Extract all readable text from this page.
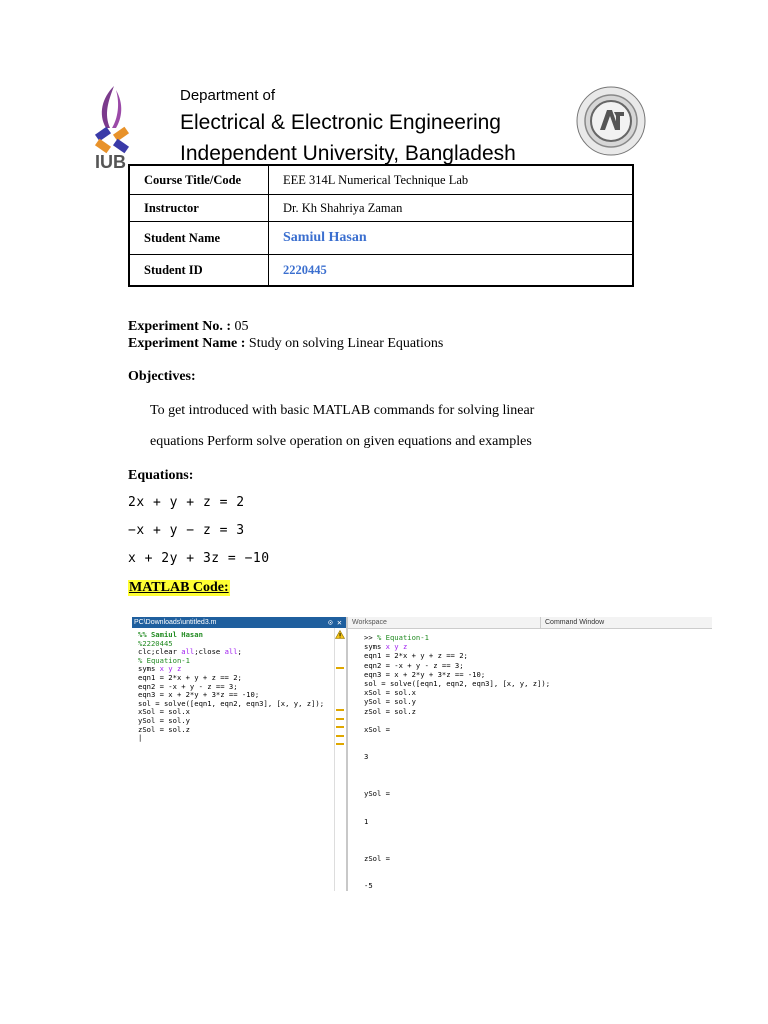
IUB
Department of
Electrical & Electronic Engineering
Independent University, Bangladesh
Course Title/Code	EEE 314L Numerical Technique Lab
Instructor	Dr. Kh Shahriya Zaman
Student Name	Samiul Hasan
Student ID	2220445
Experiment No. : 05
Experiment Name : Study on solving Linear Equations
Objectives:
To get introduced with basic MATLAB commands for solving linear
equations Perform solve operation on given equations and examples
Equations:
2x + y + z = 2
−x + y − z = 3
x + 2y + 3z = −10
MATLAB Code:
PC\Downloads\untitled3.m	⊙ ✕
%% Samiul Hasan
%2220445
clc;clear all;close all;
% Equation-1
syms x y z
eqn1 = 2*x + y + z == 2;
eqn2 = -x + y - z == 3;
eqn3 = x + 2*y + 3*z == -10;
sol = solve([eqn1, eqn2, eqn3], [x, y, z]);
xSol = sol.x
ySol = sol.y
zSol = sol.z
|
Workspace	Command Window
>> % Equation-1
syms x y z
eqn1 = 2*x + y + z == 2;
eqn2 = -x + y - z == 3;
eqn3 = x + 2*y + 3*z == -10;
sol = solve([eqn1, eqn2, eqn3], [x, y, z]);
xSol = sol.x
ySol = sol.y
zSol = sol.z
xSol =
3
ySol =
1
zSol =
-5
